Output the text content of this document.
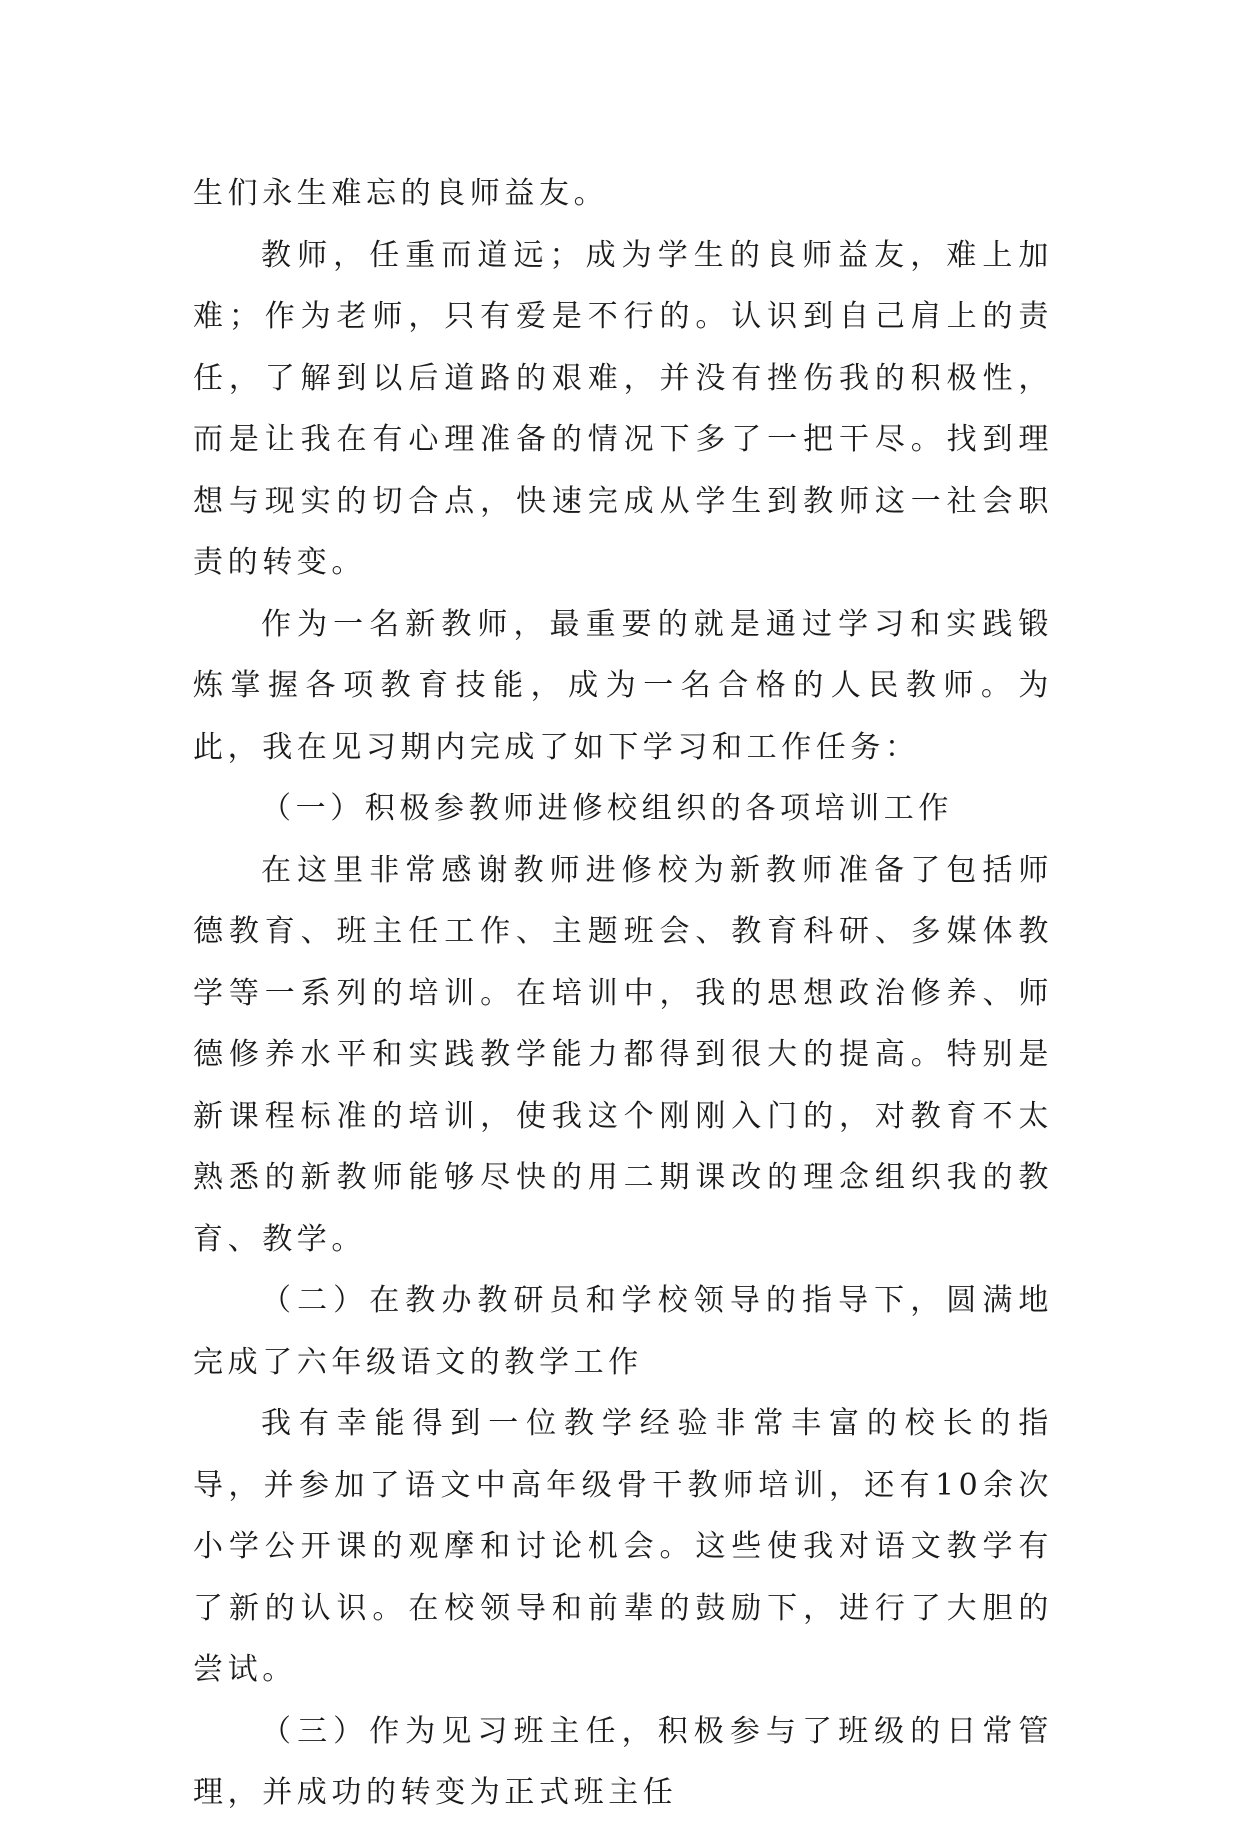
生们永生难忘的良师益友。

教师，任重而道远；成为学生的良师益友，难上加难；作为老师，只有爱是不行的。认识到自己肩上的责任，了解到以后道路的艰难，并没有挫伤我的积极性，而是让我在有心理准备的情况下多了一把干尽。找到理想与现实的切合点，快速完成从学生到教师这一社会职责的转变。

作为一名新教师，最重要的就是通过学习和实践锻炼掌握各项教育技能，成为一名合格的人民教师。为此，我在见习期内完成了如下学习和工作任务：

（一）积极参教师进修校组织的各项培训工作

在这里非常感谢教师进修校为新教师准备了包括师德教育、班主任工作、主题班会、教育科研、多媒体教学等一系列的培训。在培训中，我的思想政治修养、师德修养水平和实践教学能力都得到很大的提高。特别是新课程标准的培训，使我这个刚刚入门的，对教育不太熟悉的新教师能够尽快的用二期课改的理念组织我的教育、教学。

（二）在教办教研员和学校领导的指导下，圆满地完成了六年级语文的教学工作

我有幸能得到一位教学经验非常丰富的校长的指导，并参加了语文中高年级骨干教师培训，还有10余次小学公开课的观摩和讨论机会。这些使我对语文教学有了新的认识。在校领导和前辈的鼓励下，进行了大胆的尝试。

（三）作为见习班主任，积极参与了班级的日常管理，并成功的转变为正式班主任
